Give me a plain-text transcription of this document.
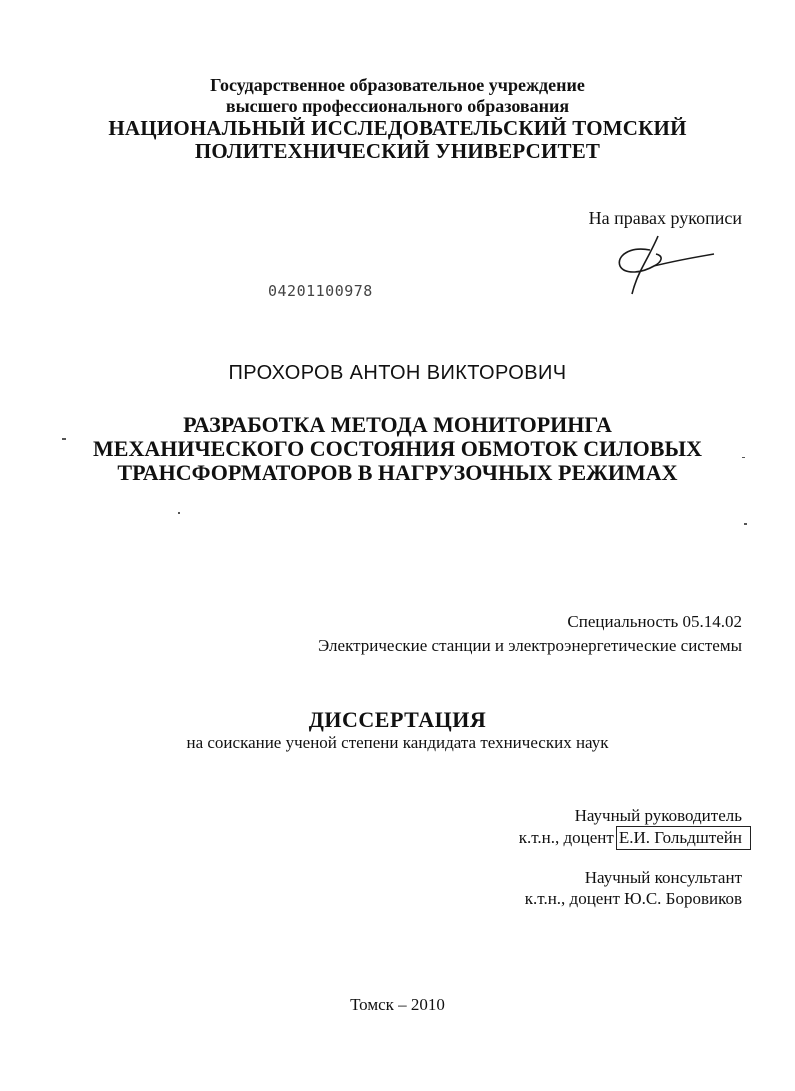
Государственное образовательное учреждение
высшего профессионального образования
НАЦИОНАЛЬНЫЙ ИССЛЕДОВАТЕЛЬСКИЙ ТОМСКИЙ
ПОЛИТЕХНИЧЕСКИЙ УНИВЕРСИТЕТ
На правах рукописи
04201100978
ПРОХОРОВ АНТОН ВИКТОРОВИЧ
РАЗРАБОТКА МЕТОДА МОНИТОРИНГА
МЕХАНИЧЕСКОГО СОСТОЯНИЯ ОБМОТОК СИЛОВЫХ
ТРАНСФОРМАТОРОВ В НАГРУЗОЧНЫХ РЕЖИМАХ
Специальность 05.14.02
Электрические станции и электроэнергетические системы
ДИССЕРТАЦИЯ
на соискание ученой степени кандидата технических наук
Научный руководитель
к.т.н., доцент Е.И. Гольдштейн
Научный консультант
к.т.н., доцент Ю.С. Боровиков
Томск – 2010
